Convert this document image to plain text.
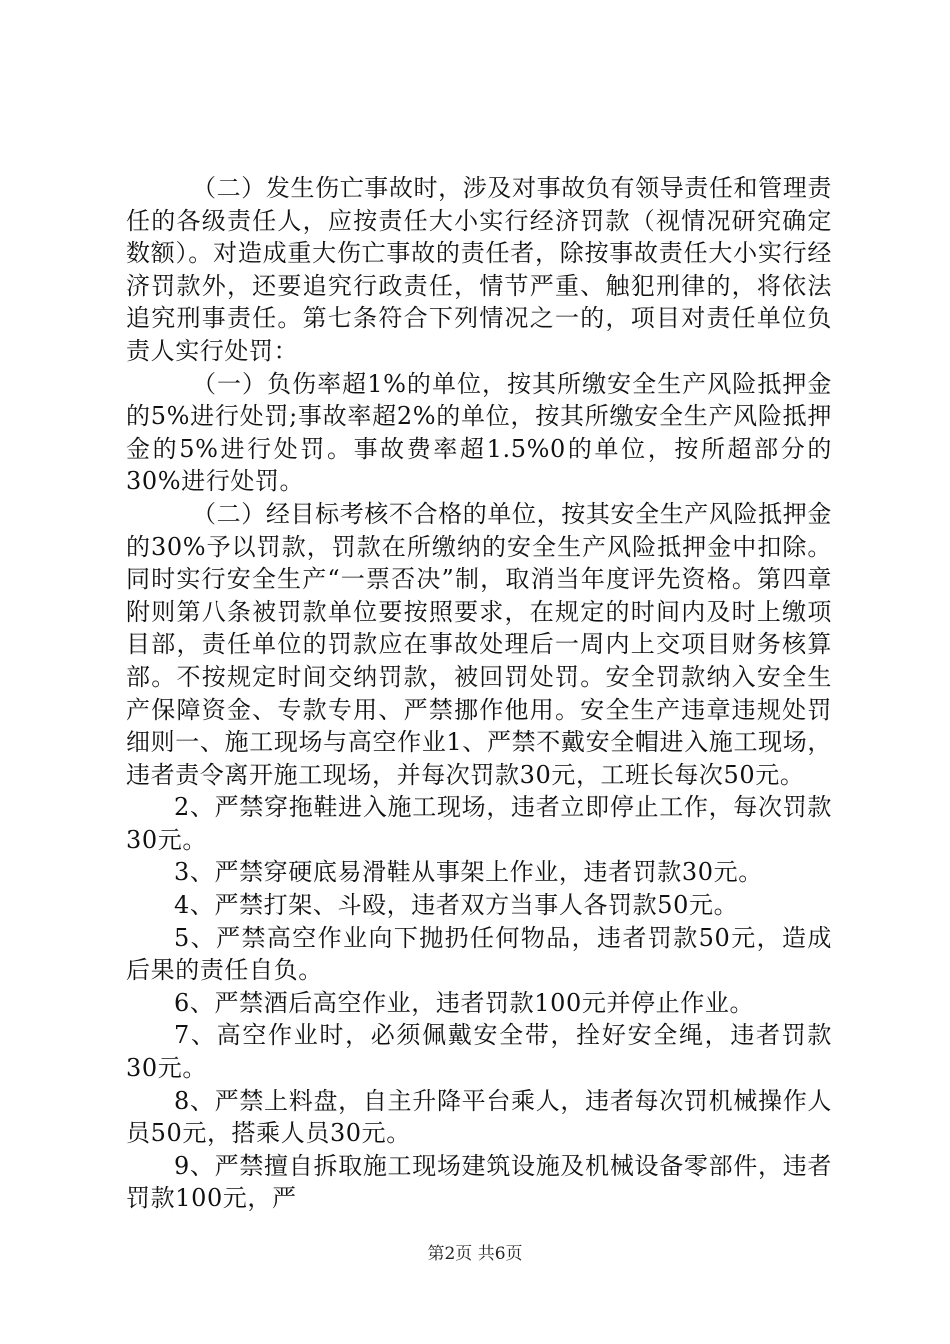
（二）发生伤亡事故时，涉及对事故负有领导责任和管理责任的各级责任人，应按责任大小实行经济罚款（视情况研究确定数额）。对造成重大伤亡事故的责任者，除按事故责任大小实行经济罚款外，还要追究行政责任，情节严重、触犯刑律的，将依法追究刑事责任。第七条符合下列情况之一的，项目对责任单位负责人实行处罚：

（一）负伤率超1%的单位，按其所缴安全生产风险抵押金的5%进行处罚;事故率超2%的单位，按其所缴安全生产风险抵押金的5%进行处罚。事故费率超1.5%0的单位，按所超部分的30%进行处罚。

（二）经目标考核不合格的单位，按其安全生产风险抵押金的30%予以罚款，罚款在所缴纳的安全生产风险抵押金中扣除。同时实行安全生产“一票否决”制，取消当年度评先资格。第四章附则第八条被罚款单位要按照要求，在规定的时间内及时上缴项目部，责任单位的罚款应在事故处理后一周内上交项目财务核算部。不按规定时间交纳罚款，被回罚处罚。安全罚款纳入安全生产保障资金、专款专用、严禁挪作他用。安全生产违章违规处罚细则一、施工现场与高空作业1、严禁不戴安全帽进入施工现场，违者责令离开施工现场，并每次罚款30元，工班长每次50元。

2、严禁穿拖鞋进入施工现场，违者立即停止工作，每次罚款30元。

3、严禁穿硬底易滑鞋从事架上作业，违者罚款30元。

4、严禁打架、斗殴，违者双方当事人各罚款50元。

5、严禁高空作业向下抛扔任何物品，违者罚款50元，造成后果的责任自负。

6、严禁酒后高空作业，违者罚款100元并停止作业。

7、高空作业时，必须佩戴安全带，拴好安全绳，违者罚款30元。

8、严禁上料盘，自主升降平台乘人，违者每次罚机械操作人员50元，搭乘人员30元。

9、严禁擅自拆取施工现场建筑设施及机械设备零部件，违者罚款100元，严

第2页 共6页
